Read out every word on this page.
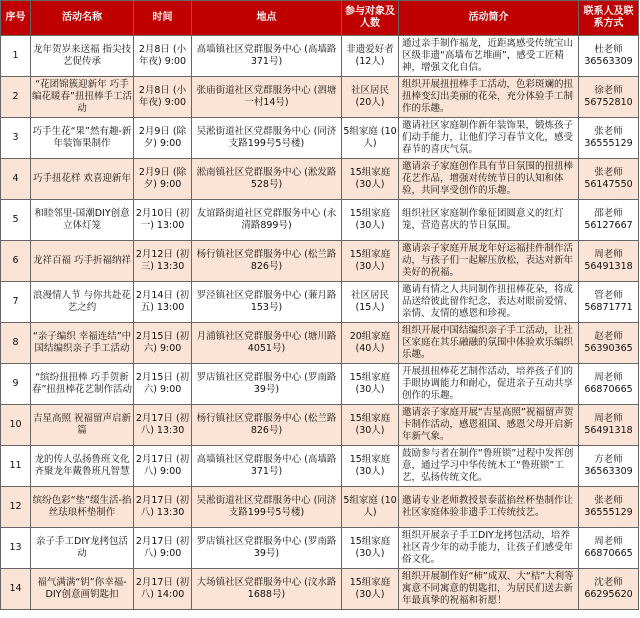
序号	活动名称	时间	地点	参与对象及人数	活动简介	联系人及联系方式
1	龙年贺岁来送福 指尖技艺促传承	2月8日 (小年夜) 9:00	高墙镇社区党群服务中心 (高墙路371号)	非遗爱好者 (12人)	通过亲手制作福龙，近距离感受传统宝山区级非遗“高墙布艺堆画”，感受工匠精神，增强文化自信。	杜老师 36563309
2	“花团锦簇迎新年 巧手编花暖春”扭扭棒手工活动	2月8日 (小年夜) 9:00	张庙街道社区党群服务中心 (泗塘一村14号)	社区居民 (20人)	组织开展扭扭棒手工活动，色彩斑斓的扭扭棒变幻出美丽的花朵，充分体验手工制作的乐趣。	徐老师 56752810
3	巧手生花“果”然有趣-新年装饰果制作	2月9日 (除夕) 9:00	吴淞街道社区党群服务中心 (同济支路199号5号楼)	5组家庭 (10人)	邀请社区家庭制作新年装饰果，锻炼孩子们动手能力，让他们学习春节文化，感受春节的喜庆气氛。	张老师 36555129
4	巧手扭花样 欢喜迎新年	2月9日 (除夕) 9:00	淞南镇社区党群服务中心 (淞发路528号)	15组家庭 (30人)	邀请亲子家庭创作具有节日氛围的扭扭棒花艺作品，增强对传统节日的认知和体验，共同享受创作的乐趣。	张老师 56147550
5	和睦邻里-国潮DIY创意立体灯笼	2月10日 (初一) 13:00	友谊路街道社区党群服务中心 (永清路899号)	15组家庭 (30人)	组织社区家庭制作象征团圆意义的红灯笼，营造喜庆的节日氛围。	邵老师 56127667
6	龙祥百福 巧手折福纳祥	2月12日 (初三) 13:30	杨行镇社区党群服务中心 (松兰路826号)	15组家庭 (30人)	邀请亲子家庭开展龙年好运福挂件制作活动，与孩子们一起解压放松，表达对新年美好的祝福。	周老师 56491318
7	浪漫情人节 与你共赴花艺之约	2月14日 (初五) 13:00	罗泾镇社区党群服务中心 (蒹月路153号)	社区居民 (15人)	邀请有情之人共同制作扭扭棒花朵，将成品送给彼此留作纪念，表达对眼前爱情、亲情、友情的感恩和珍视。	管老师 56871771
8	“亲子编织 幸福连结”中国结编织亲子手工活动	2月15日 (初六) 9:00	月浦镇社区党群服务中心 (塘川路4051号)	20组家庭 (40人)	组织开展中国结编织亲子手工活动，让社区家庭在其乐融融的氛围中体验欢乐编织乐趣。	赵老师 56390365
9	“缤纷扭扭棒 巧手贺新春”扭扭棒花艺制作活动	2月15日 (初六) 9:00	罗店镇社区党群服务中心 (罗南路39号)	15组家庭 (30人)	开展扭扭棒花艺制作活动，培养孩子们的手眼协调能力和耐心，促进亲子互动共享创作的乐趣。	周老师 66870665
10	吉星高照 祝福留声启新篇	2月17日 (初八) 13:30	杨行镇社区党群服务中心 (松兰路826号)	15组家庭 (30人)	邀请亲子家庭开展“吉星高照”祝福留声贺卡制作活动，感恩祖国、感恩父母开启新年新气象。	周老师 56491318
11	龙的传人弘扬鲁班文化 齐聚龙年戴鲁班凡智慧	2月17日 (初八) 9:00	高墙镇社区党群服务中心 (高墙路371号)	15组家庭 (30人)	鼓励参与者在制作“鲁班锁”过程中发挥创意，通过学习中华传统木工“鲁班锁”工艺，弘扬传统文化。	方老师 36563309
12	缤纷色彩“垫”缀生活-掐丝珐琅杯垫制作	2月17日 (初八) 13:30	吴淞街道社区党群服务中心 (同济支路199号5号楼)	5组家庭 (10人)	邀请专业老师教授景泰蓝掐丝杯垫制作让社区家庭体验非遗手工传统技艺。	张老师 36555129
13	亲子手工DIY龙拷包活动	2月17日 (初八) 9:00	罗店镇社区党群服务中心 (罗南路39号)	15组家庭 (30人)	组织开展亲子手工DIY龙拷包活动，培养社区青少年的动手能力，让孩子们感受年俗文化。	周老师 66870665
14	福气满满“钥”你幸福-DIY创意画钥匙扣	2月17日 (初八) 14:00	大场镇社区党群服务中心 (汶水路1688号)	15组家庭 (30人)	组织开展制作好“柿”成双、大“桔”大利等寓意不同寓意的钥匙扣，为居民们送去新年最真挚的祝福和祈愿！	沈老师 66295620
